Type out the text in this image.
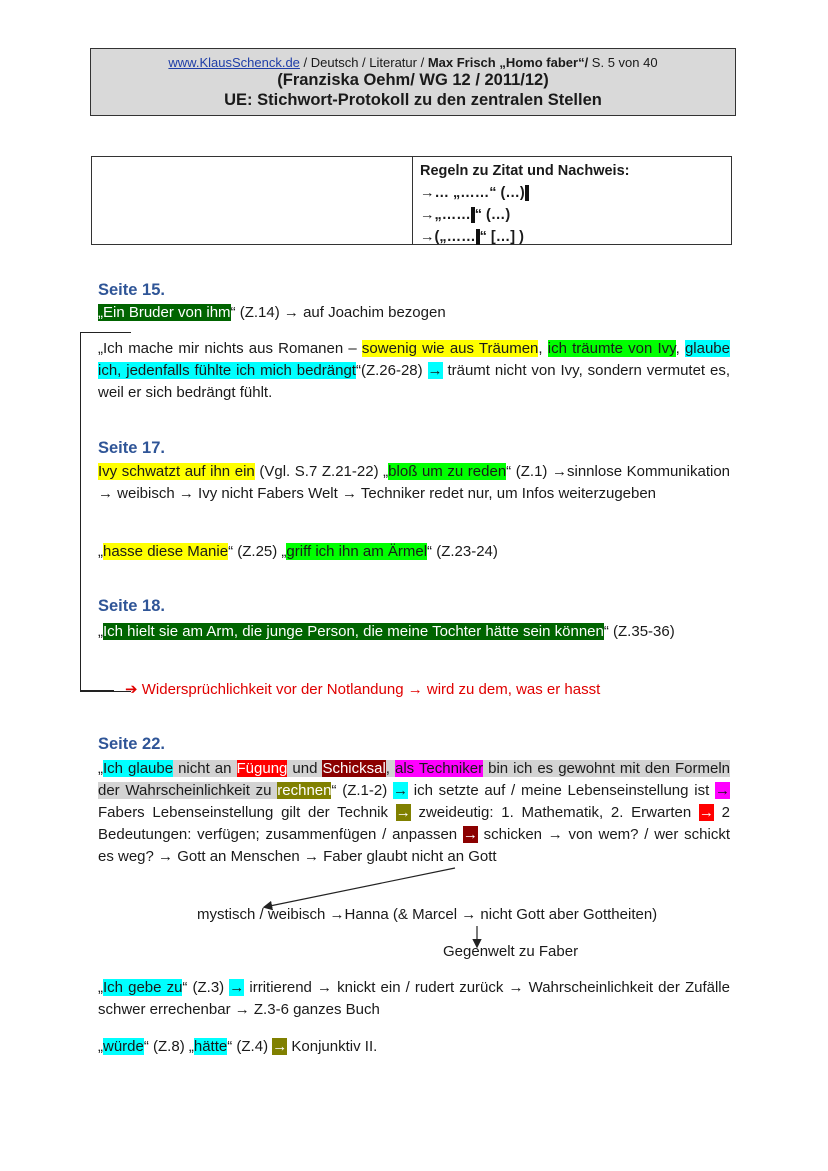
www.KlausSchenck.de / Deutsch / Literatur / Max Frisch „Homo faber“/ S. 5 von 40
(Franziska Oehm/ WG 12 / 2011/12)
UE: Stichwort-Protokoll zu den zentralen Stellen
Regeln zu Zitat und Nachweis:
→… „……“ (…).
→„…….“ (…)
→(„…….“ […] )
Seite 15.
„Ein Bruder von ihm“ (Z.14) → auf Joachim bezogen
„Ich mache mir nichts aus Romanen – sowenig wie aus Träumen, ich träumte von Ivy, glaube ich, jedenfalls fühlte ich mich bedrängt“(Z.26-28) → träumt nicht von Ivy, sondern vermutet es, weil er sich bedrängt fühlt.
Seite 17.
Ivy schwatzt auf ihn ein (Vgl. S.7 Z.21-22) „bloß um zu reden“ (Z.1) →sinnlose Kommunikation → weibisch → Ivy nicht Fabers Welt → Techniker redet nur, um Infos weiterzugeben
„hasse diese Manie“ (Z.25) „griff ich ihn am Ärmel“ (Z.23-24)
Seite 18.
„Ich hielt sie am Arm, die junge Person, die meine Tochter hätte sein können“ (Z.35-36)
➔ Widersprüchlichkeit vor der Notlandung → wird zu dem, was er hasst
Seite 22.
„Ich glaube nicht an Fügung und Schicksal, als Techniker bin ich es gewohnt mit den Formeln der Wahrscheinlichkeit zu rechnen“ (Z.1-2) → ich setzte auf / meine Lebenseinstellung ist → Fabers Lebenseinstellung gilt der Technik → zweideutig: 1. Mathematik, 2. Erwarten → 2 Bedeutungen: verfügen; zusammenfügen / anpassen → schicken → von wem? / wer schickt es weg? → Gott an Menschen → Faber glaubt nicht an Gott
mystisch / weibisch →Hanna (& Marcel → nicht Gott aber Gottheiten)
Gegenwelt zu Faber
„Ich gebe zu“ (Z.3) → irritierend → knickt ein / rudert zurück → Wahrscheinlichkeit der Zufälle schwer errechenbar → Z.3-6 ganzes Buch
„würde“ (Z.8) „hätte“ (Z.4) → Konjunktiv II.
